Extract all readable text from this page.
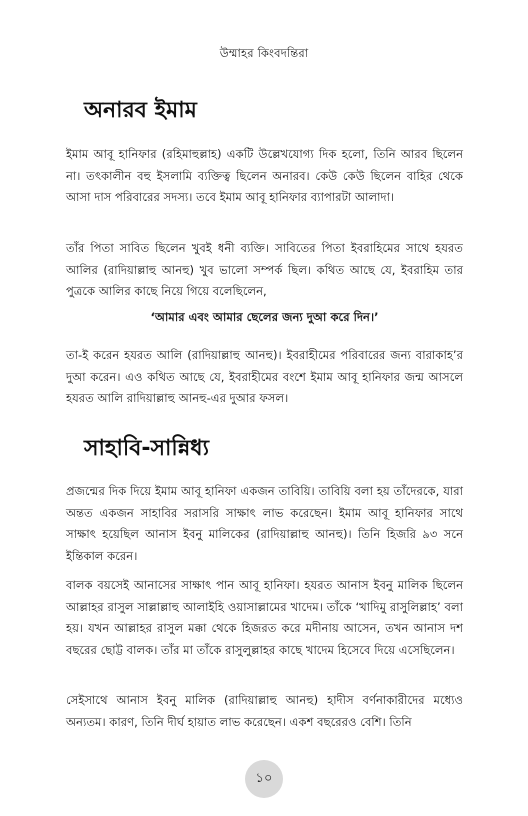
উম্মাহর কিংবদন্তিরা
অনারব ইমাম

ইমাম আবূ হানিফার (রহিমাহুল্লাহ) একটি উল্লেখযোগ্য দিক হলো, তিনি আরব ছিলেন না। তৎকালীন বহু ইসলামি ব্যক্তিত্ব ছিলেন অনারব। কেউ কেউ ছিলেন বাহির থেকে আসা দাস পরিবারের সদস্য। তবে ইমাম আবূ হানিফার ব্যাপারটা আলাদা।

তাঁর পিতা সাবিত ছিলেন খুবই ধনী ব্যক্তি। সাবিতের পিতা ইবরাহিমের সাথে হযরত আলির (রাদিয়াল্লাহু আনহু) খুব ভালো সম্পর্ক ছিল। কথিত আছে যে, ইবরাহিম তার পুত্রকে আলির কাছে নিয়ে গিয়ে বলেছিলেন,

‘আমার এবং আমার ছেলের জন্য দুআ করে দিন।’

তা-ই করেন হযরত আলি (রাদিয়াল্লাহু আনহু)। ইবরাহীমের পরিবারের জন্য বারাকাহ’র দুআ করেন। এও কথিত আছে যে, ইবরাহীমের বংশে ইমাম আবূ হানিফার জন্ম আসলে হযরত আলি রাদিয়াল্লাহু আনহু-এর দুআর ফসল।

সাহাবি-সান্নিধ্য

প্রজন্মের দিক দিয়ে ইমাম আবূ হানিফা একজন তাবিয়ি। তাবিয়ি বলা হয় তাঁদেরকে, যারা অন্তত একজন সাহাবির সরাসরি সাক্ষাৎ লাভ করেছেন। ইমাম আবূ হানিফার সাথে সাক্ষাৎ হয়েছিল আনাস ইবনু মালিকের (রাদিয়াল্লাহু আনহু)। তিনি হিজরি ৯৩ সনে ইন্তিকাল করেন।

বালক বয়সেই আনাসের সাক্ষাৎ পান আবূ হানিফা। হযরত আনাস ইবনু মালিক ছিলেন আল্লাহর রাসুল সাল্লাল্লাহু আলাইহি ওয়াসাল্লামের খাদেম। তাঁকে ‘খাদিমু রাসুলিল্লাহ’ বলা হয়। যখন আল্লাহর রাসুল মক্কা থেকে হিজরত করে মদীনায় আসেন, তখন আনাস দশ বছরের ছোট্ট বালক। তাঁর মা তাঁকে রাসুলুল্লাহর কাছে খাদেম হিসেবে দিয়ে এসেছিলেন।

সেইসাথে আনাস ইবনু মালিক (রাদিয়াল্লাহু আনহু) হাদীস বর্ণনাকারীদের মধ্যেও অন্যতম। কারণ, তিনি দীর্ঘ হায়াত লাভ করেছেন। একশ বছরেরও বেশি। তিনি

১০
